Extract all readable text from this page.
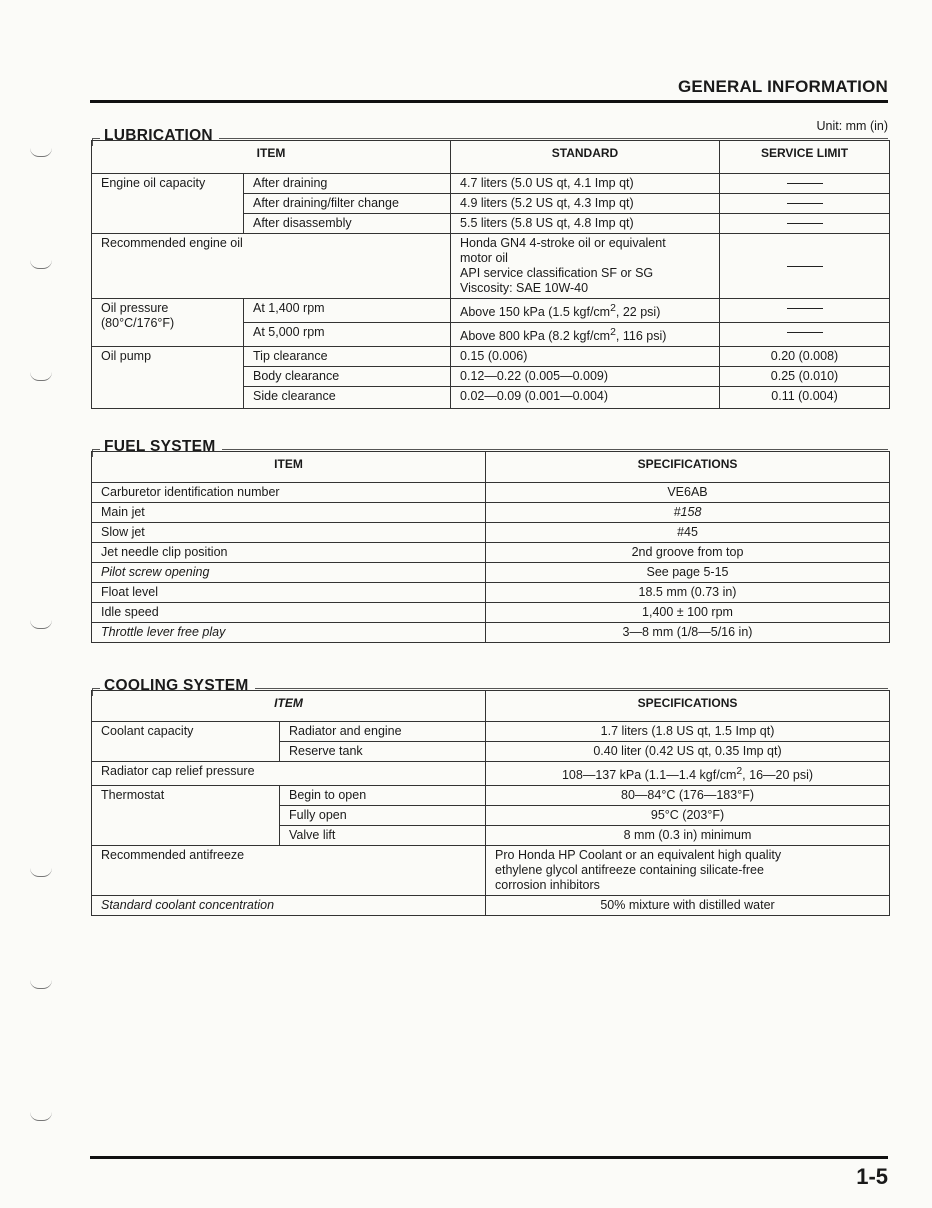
GENERAL INFORMATION
LUBRICATION
Unit: mm (in)
ITEM		STANDARD	SERVICE LIMIT
Engine oil capacity	After draining	4.7 liters (5.0 US qt, 4.1 Imp qt)	
	After draining/filter change	4.9 liters (5.2 US qt, 4.3 Imp qt)	
	After disassembly	5.5 liters (5.8 US qt, 4.8 Imp qt)	
Recommended engine oil		Honda GN4 4-stroke oil or equivalent
motor oil
API service classification SF or SG
Viscosity: SAE 10W-40	

Oil pressure
(80°C/176°F)	At 1,400 rpm	Above 150 kPa (1.5 kgf/$cm^2$, 22 psi)	
	At 5,000 rpm	Above 800 kPa (8.2 kgf/$cm^2$, 116 psi)	
Oil pump	Tip clearance	0.15 (0.006)	0.20 (0.008)
	Body clearance	0.12—0.22 (0.005—0.009)	0.25 (0.010)
	Side clearance	0.02—0.09 (0.001—0.004)	0.11 (0.004)
FUEL SYSTEM
ITEM	SPECIFICATIONS
Carburetor identification number	VE6AB
Main jet	#158
Slow jet	#45
Jet needle clip position	2nd groove from top
Pilot screw opening	See page 5-15
Float level	18.5 mm (0.73 in)
Idle speed	1,400 ± 100 rpm
Throttle lever free play	3—8 mm (1/8—5/16 in)
COOLING SYSTEM
ITEM		SPECIFICATIONS
Coolant capacity	Radiator and engine	1.7 liters (1.8 US qt, 1.5 Imp qt)
	Reserve tank	0.40 liter (0.42 US qt, 0.35 Imp qt)
Radiator cap relief pressure		108—137 kPa (1.1—1.4 kgf/$cm^2$, 16—20 psi)
Thermostat	Begin to open	80—84°C (176—183°F)
	Fully open	95°C (203°F)
	Valve lift	8 mm (0.3 in) minimum
Recommended antifreeze		Pro Honda HP Coolant or an equivalent high quality
ethylene glycol antifreeze containing silicate-free
corrosion inhibitors

Standard coolant concentration		50% mixture with distilled water
1-5
